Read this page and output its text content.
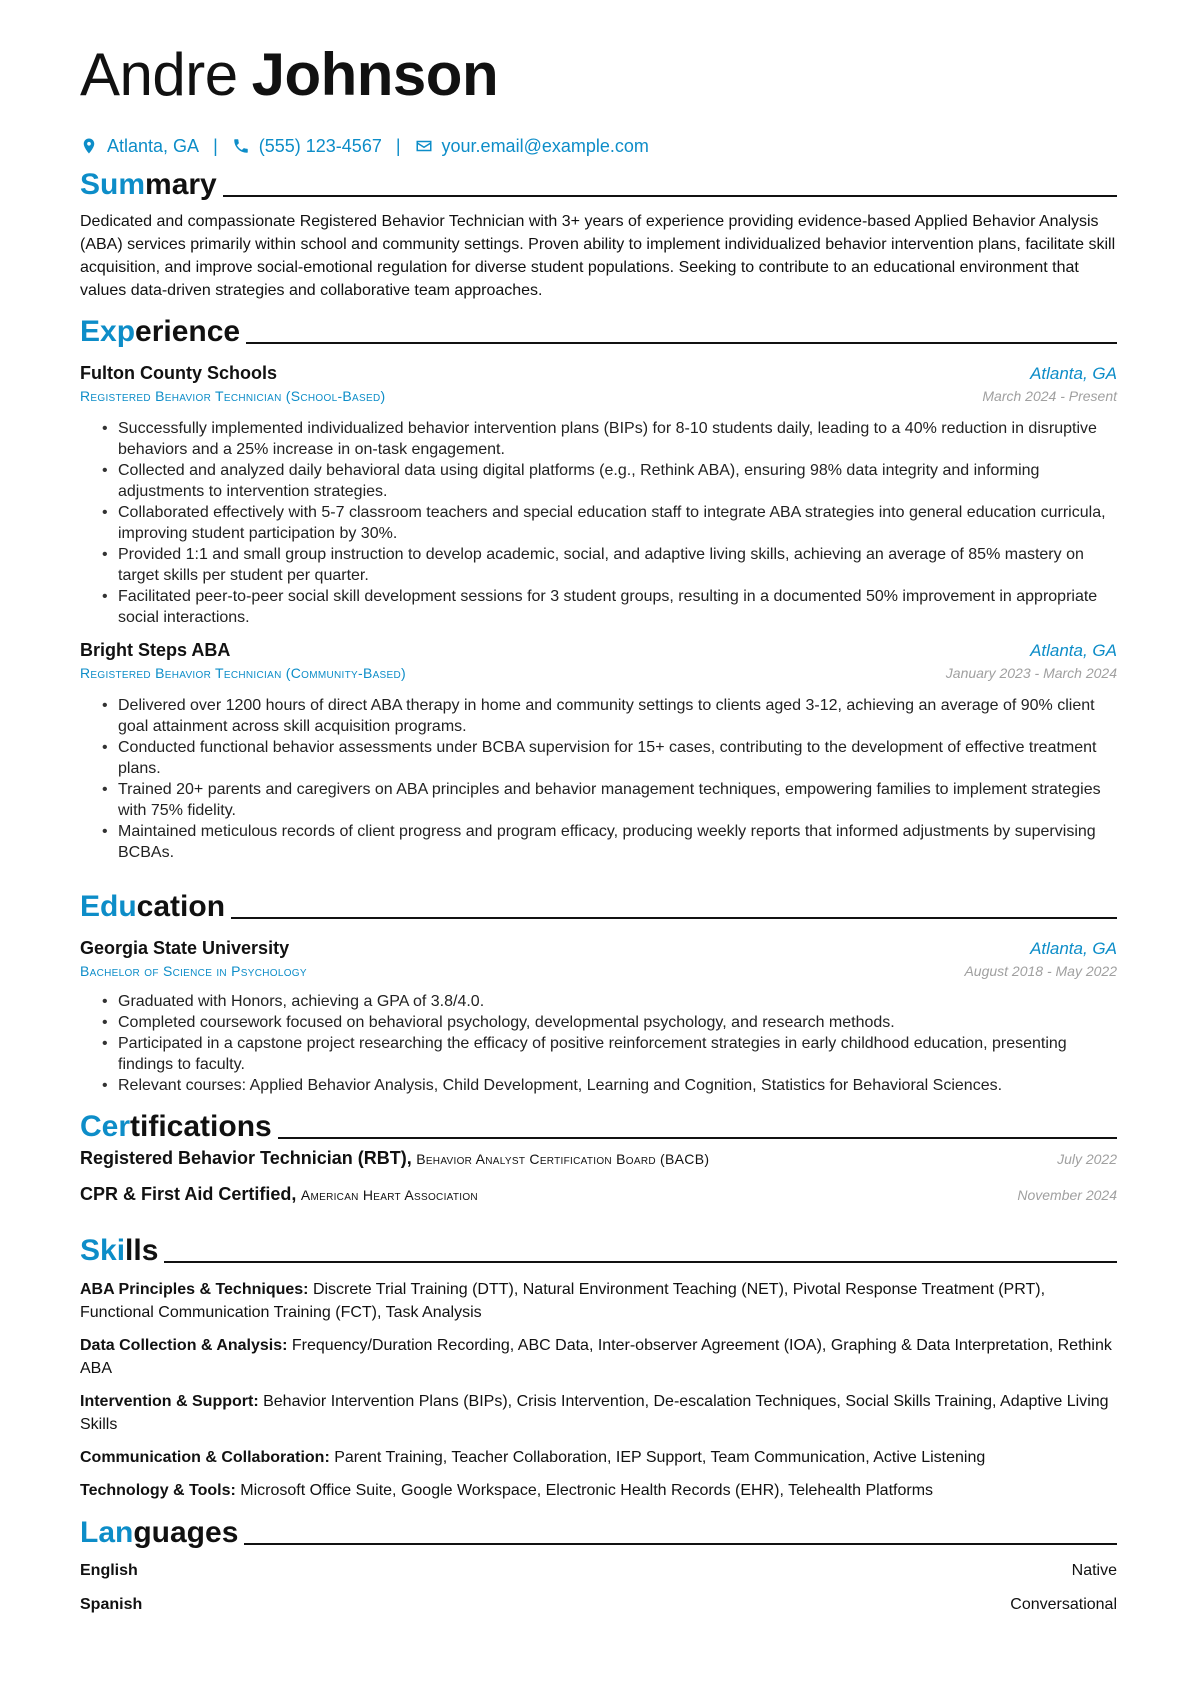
Andre Johnson
Atlanta, GA | (555) 123-4567 | your.email@example.com
Summary

Dedicated and compassionate Registered Behavior Technician with 3+ years of experience providing evidence-based Applied Behavior Analysis (ABA) services primarily within school and community settings. Proven ability to implement individualized behavior intervention plans, facilitate skill acquisition, and improve social-emotional regulation for diverse student populations. Seeking to contribute to an educational environment that values data-driven strategies and collaborative team approaches.

Experience
Fulton County Schools	Atlanta, GA
Registered Behavior Technician (School-Based)	March 2024 - Present
• Successfully implemented individualized behavior intervention plans (BIPs) for 8-10 students daily, leading to a 40% reduction in disruptive behaviors and a 25% increase in on-task engagement.
• Collected and analyzed daily behavioral data using digital platforms (e.g., Rethink ABA), ensuring 98% data integrity and informing adjustments to intervention strategies.
• Collaborated effectively with 5-7 classroom teachers and special education staff to integrate ABA strategies into general education curricula, improving student participation by 30%.
• Provided 1:1 and small group instruction to develop academic, social, and adaptive living skills, achieving an average of 85% mastery on target skills per student per quarter.
• Facilitated peer-to-peer social skill development sessions for 3 student groups, resulting in a documented 50% improvement in appropriate social interactions.
Bright Steps ABA	Atlanta, GA
Registered Behavior Technician (Community-Based)	January 2023 - March 2024
• Delivered over 1200 hours of direct ABA therapy in home and community settings to clients aged 3-12, achieving an average of 90% client goal attainment across skill acquisition programs.
• Conducted functional behavior assessments under BCBA supervision for 15+ cases, contributing to the development of effective treatment plans.
• Trained 20+ parents and caregivers on ABA principles and behavior management techniques, empowering families to implement strategies with 75% fidelity.
• Maintained meticulous records of client progress and program efficacy, producing weekly reports that informed adjustments by supervising BCBAs.
Education
Georgia State University	Atlanta, GA
Bachelor of Science in Psychology	August 2018 - May 2022
• Graduated with Honors, achieving a GPA of 3.8/4.0.
• Completed coursework focused on behavioral psychology, developmental psychology, and research methods.
• Participated in a capstone project researching the efficacy of positive reinforcement strategies in early childhood education, presenting findings to faculty.
• Relevant courses: Applied Behavior Analysis, Child Development, Learning and Cognition, Statistics for Behavioral Sciences.
Certifications
Registered Behavior Technician (RBT), Behavior Analyst Certification Board (BACB)	July 2022
CPR & First Aid Certified, American Heart Association	November 2024
Skills

ABA Principles & Techniques: Discrete Trial Training (DTT), Natural Environment Teaching (NET), Pivotal Response Treatment (PRT), Functional Communication Training (FCT), Task Analysis

Data Collection & Analysis: Frequency/Duration Recording, ABC Data, Inter-observer Agreement (IOA), Graphing & Data Interpretation, Rethink ABA

Intervention & Support: Behavior Intervention Plans (BIPs), Crisis Intervention, De-escalation Techniques, Social Skills Training, Adaptive Living Skills

Communication & Collaboration: Parent Training, Teacher Collaboration, IEP Support, Team Communication, Active Listening

Technology & Tools: Microsoft Office Suite, Google Workspace, Electronic Health Records (EHR), Telehealth Platforms

Languages
English	Native
Spanish	Conversational
